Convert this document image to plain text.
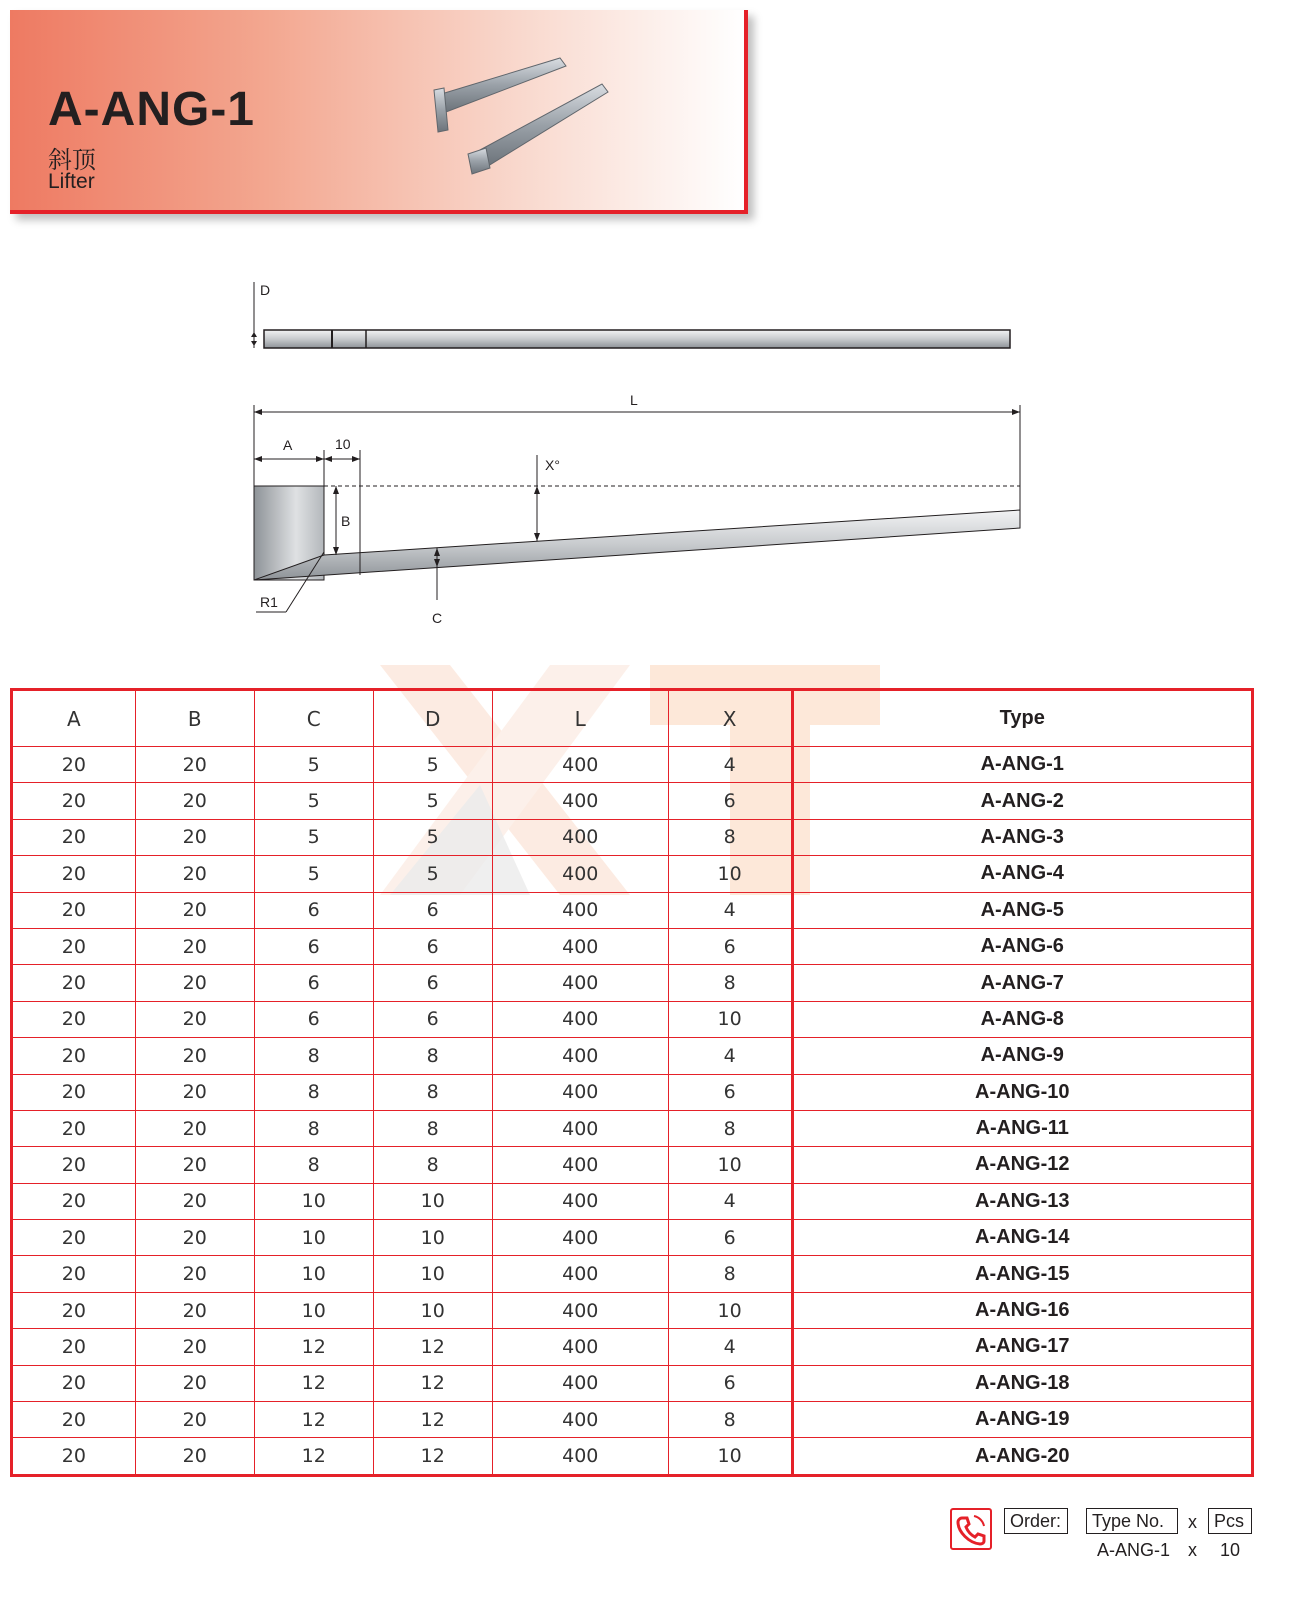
A-ANG-1
斜顶
Lifter
D
L
A	10
X°
B
R1
C
A	B	C	D	L	X	Type
20	20	5	5	400	4	A-ANG-1
20	20	5	5	400	6	A-ANG-2
20	20	5	5	400	8	A-ANG-3
20	20	5	5	400	10	A-ANG-4
20	20	6	6	400	4	A-ANG-5
20	20	6	6	400	6	A-ANG-6
20	20	6	6	400	8	A-ANG-7
20	20	6	6	400	10	A-ANG-8
20	20	8	8	400	4	A-ANG-9
20	20	8	8	400	6	A-ANG-10
20	20	8	8	400	8	A-ANG-11
20	20	8	8	400	10	A-ANG-12
20	20	10	10	400	4	A-ANG-13
20	20	10	10	400	6	A-ANG-14
20	20	10	10	400	8	A-ANG-15
20	20	10	10	400	10	A-ANG-16
20	20	12	12	400	4	A-ANG-17
20	20	12	12	400	6	A-ANG-18
20	20	12	12	400	8	A-ANG-19
20	20	12	12	400	10	A-ANG-20
Order:	Type No.	x Pcs
A-ANG-1 x 10
